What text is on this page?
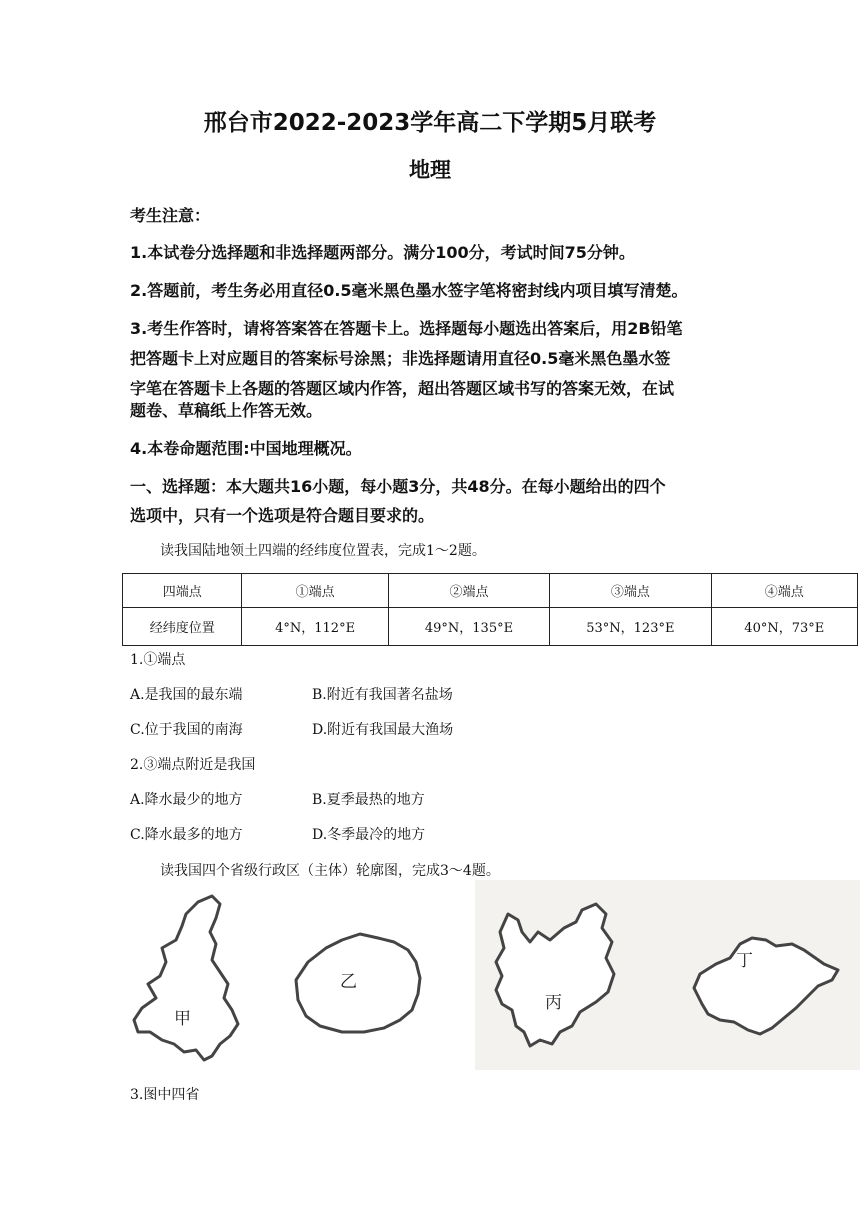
邢台市2022-2023学年高二下学期5月联考
地理
考生注意：
1.本试卷分选择题和非选择题两部分。满分100分，考试时间75分钟。
2.答题前，考生务必用直径0.5毫米黑色墨水签字笔将密封线内项目填写清楚。
3.考生作答时，请将答案答在答题卡上。选择题每小题选出答案后，用2B铅笔
把答题卡上对应题目的答案标号涂黑；非选择题请用直径0.5毫米黑色墨水签
字笔在答题卡上各题的答题区域内作答，超出答题区域书写的答案无效，在试
题卷、草稿纸上作答无效。
4.本卷命题范围:中国地理概况。
一、选择题：本大题共16小题，每小题3分，共48分。在每小题给出的四个
选项中，只有一个选项是符合题目要求的。
读我国陆地领土四端的经纬度位置表，完成1～2题。
四端点	①端点	②端点	③端点	④端点
经纬度位置	4°N，112°E	49°N，135°E	53°N，123°E	40°N，73°E
1.①端点
A.是我国的最东端	B.附近有我国著名盐场
C.位于我国的南海	D.附近有我国最大渔场
2.③端点附近是我国
A.降水最少的地方	B.夏季最热的地方
C.降水最多的地方	D.冬季最冷的地方
读我国四个省级行政区（主体）轮廓图，完成3～4题。
甲
乙
丙
丁
3.图中四省
